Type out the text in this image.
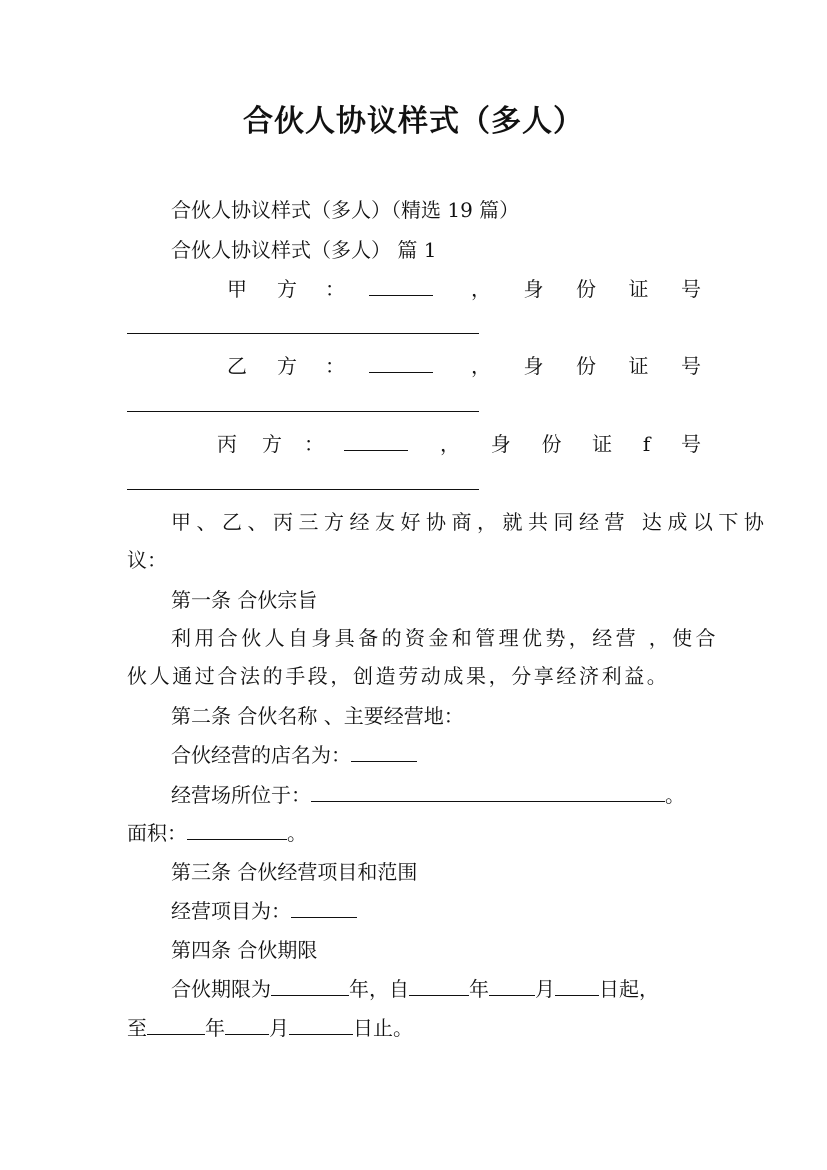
合伙人协议样式（多人）

合伙人协议样式（多人）（精选 19 篇）

合伙人协议样式（多人） 篇 1

甲 方 ：	， 身 份 证 号
乙 方 ：	， 身 份 证 号
丙 方 ：	， 身 份 证 f 号

甲、乙、丙三方经友好协商，就共同经营 达成以下协

议：

第一条 合伙宗旨

利用合伙人自身具备的资金和管理优势，经营 ，使合

伙人通过合法的手段，创造劳动成果，分享经济利益。

第二条 合伙名称 、主要经营地：

合伙经营的店名为：

经营场所位于：	。

面积：	。

第三条 合伙经营项目和范围

经营项目为：

第四条 合伙期限

合伙期限为	年，自	年 月 日起，

至	年 月	日止。
